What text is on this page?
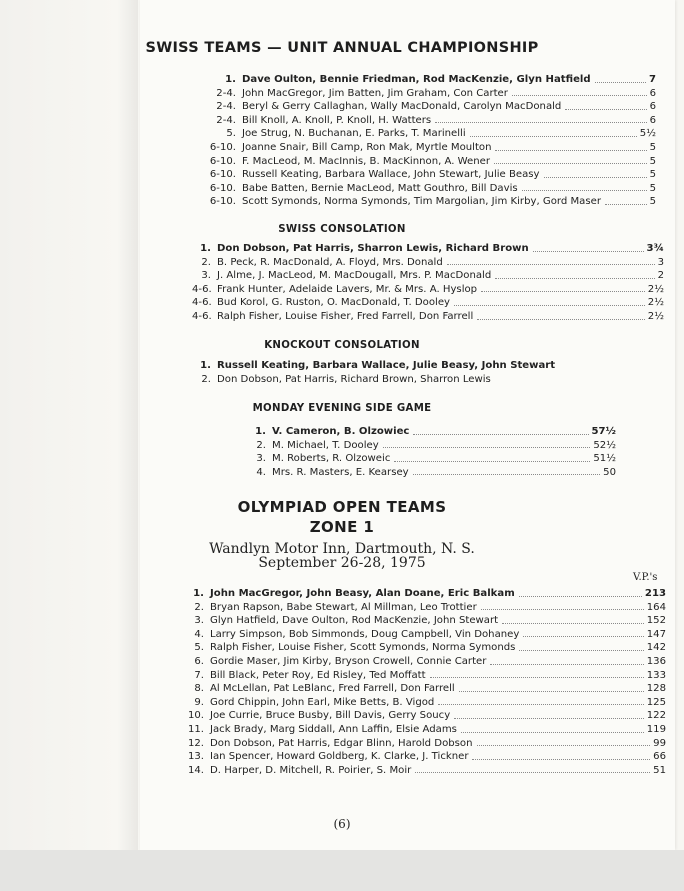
SWISS TEAMS — UNIT ANNUAL CHAMPIONSHIP
1. Dave Oulton, Bennie Friedman, Rod MacKenzie, Glyn Hatfield	7
2-4. John MacGregor, Jim Batten, Jim Graham, Con Carter	6
2-4. Beryl & Gerry Callaghan, Wally MacDonald, Carolyn MacDonald	6
2-4. Bill Knoll, A. Knoll, P. Knoll, H. Watters	6
5. Joe Strug, N. Buchanan, E. Parks, T. Marinelli	5½
6-10. Joanne Snair, Bill Camp, Ron Mak, Myrtle Moulton	5
6-10. F. MacLeod, M. MacInnis, B. MacKinnon, A. Wener	5
6-10. Russell Keating, Barbara Wallace, John Stewart, Julie Beasy	5
6-10. Babe Batten, Bernie MacLeod, Matt Gouthro, Bill Davis	5
6-10. Scott Symonds, Norma Symonds, Tim Margolian, Jim Kirby, Gord Maser	5
SWISS CONSOLATION
1. Don Dobson, Pat Harris, Sharron Lewis, Richard Brown	3¾
2. B. Peck, R. MacDonald, A. Floyd, Mrs. Donald	3
3. J. Alme, J. MacLeod, M. MacDougall, Mrs. P. MacDonald	2
4-6. Frank Hunter, Adelaide Lavers, Mr. & Mrs. A. Hyslop	2½
4-6. Bud Korol, G. Ruston, O. MacDonald, T. Dooley	2½
4-6. Ralph Fisher, Louise Fisher, Fred Farrell, Don Farrell	2½
KNOCKOUT CONSOLATION
1. Russell Keating, Barbara Wallace, Julie Beasy, John Stewart
2. Don Dobson, Pat Harris, Richard Brown, Sharron Lewis
MONDAY EVENING SIDE GAME
1. V. Cameron, B. Olzowiec	57½
2. M. Michael, T. Dooley	52½
3. M. Roberts, R. Olzoweic	51½
4. Mrs. R. Masters, E. Kearsey	50
OLYMPIAD OPEN TEAMS
ZONE 1
Wandlyn Motor Inn, Dartmouth, N. S.
September 26-28, 1975
V.P.'s
1. John MacGregor, John Beasy, Alan Doane, Eric Balkam	213
2. Bryan Rapson, Babe Stewart, Al Millman, Leo Trottier	164
3. Glyn Hatfield, Dave Oulton, Rod MacKenzie, John Stewart	152
4. Larry Simpson, Bob Simmonds, Doug Campbell, Vin Dohaney	147
5. Ralph Fisher, Louise Fisher, Scott Symonds, Norma Symonds	142
6. Gordie Maser, Jim Kirby, Bryson Crowell, Connie Carter	136
7. Bill Black, Peter Roy, Ed Risley, Ted Moffatt	133
8. Al McLellan, Pat LeBlanc, Fred Farrell, Don Farrell	128
9. Gord Chippin, John Earl, Mike Betts, B. Vigod	125
10. Joe Currie, Bruce Busby, Bill Davis, Gerry Soucy	122
11. Jack Brady, Marg Siddall, Ann Laffin, Elsie Adams	119
12. Don Dobson, Pat Harris, Edgar Blinn, Harold Dobson	99
13. Ian Spencer, Howard Goldberg, K. Clarke, J. Tickner	66
14. D. Harper, D. Mitchell, R. Poirier, S. Moir	51
(6)
